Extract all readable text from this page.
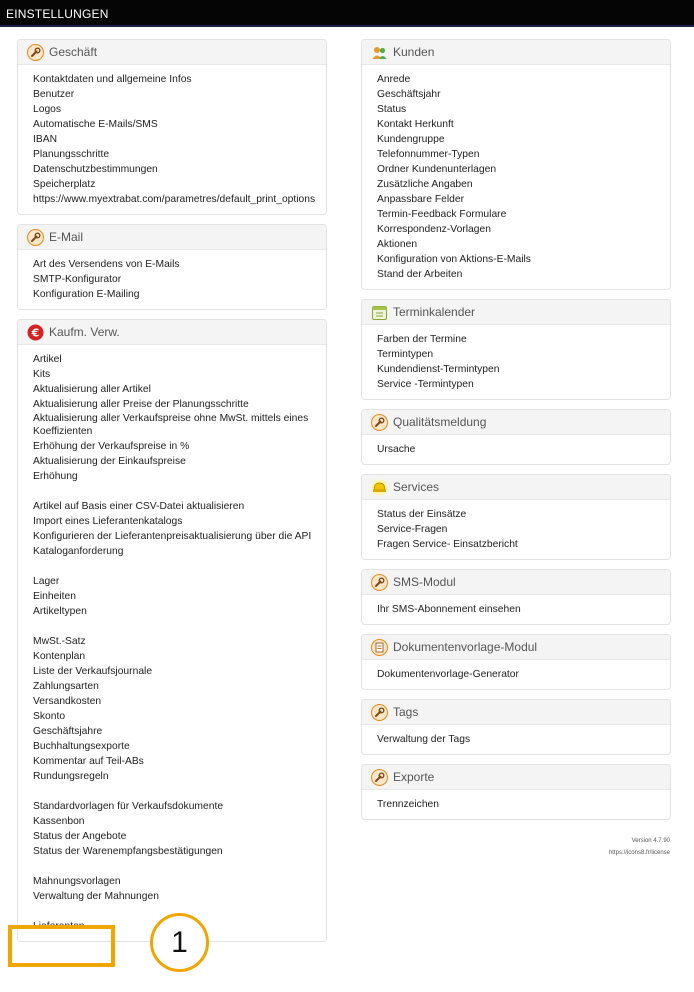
EINSTELLUNGEN
Geschäft
Kontaktdaten und allgemeine Infos
Benutzer
Logos
Automatische E-Mails/SMS
IBAN
Planungsschritte
Datenschutzbestimmungen
Speicherplatz
https://www.myextrabat.com/parametres/default_print_options
E-Mail
Art des Versendens von E-Mails
SMTP-Konfigurator
Konfiguration E-Mailing
€ Kaufm. Verw.
Artikel
Kits
Aktualisierung aller Artikel
Aktualisierung aller Preise der Planungsschritte
Aktualisierung aller Verkaufspreise ohne MwSt. mittels eines Koeffizienten
Erhöhung der Verkaufspreise in %
Aktualisierung der Einkaufspreise
Erhöhung
Artikel auf Basis einer CSV-Datei aktualisieren
Import eines Lieferantenkatalogs
Konfigurieren der Lieferantenpreisaktualisierung über die API
Kataloganforderung
Lager
Einheiten
Artikeltypen
MwSt.-Satz
Kontenplan
Liste der Verkaufsjournale
Zahlungsarten
Versandkosten
Skonto
Geschäftsjahre
Buchhaltungsexporte
Kommentar auf Teil-ABs
Rundungsregeln
Standardvorlagen für Verkaufsdokumente
Kassenbon
Status der Angebote
Status der Warenempfangsbestätigungen
Mahnungsvorlagen
Verwaltung der Mahnungen
Lieferanten
Kunden
Anrede
Geschäftsjahr
Status
Kontakt Herkunft
Kundengruppe
Telefonnummer-Typen
Ordner Kundenunterlagen
Zusätzliche Angaben
Anpassbare Felder
Termin-Feedback Formulare
Korrespondenz-Vorlagen
Aktionen
Konfiguration von Aktions-E-Mails
Stand der Arbeiten
Terminkalender
Farben der Termine
Termintypen
Kundendienst-Termintypen
Service -Termintypen
Qualitätsmeldung
Ursache
Services
Status der Einsätze
Service-Fragen
Fragen Service- Einsatzbericht
SMS-Modul
Ihr SMS-Abonnement einsehen
Dokumentenvorlage-Modul
Dokumentenvorlage-Generator
Tags
Verwaltung der Tags
Exporte
Trennzeichen
Version 4.7.90
https://icons8.fr/license
1
